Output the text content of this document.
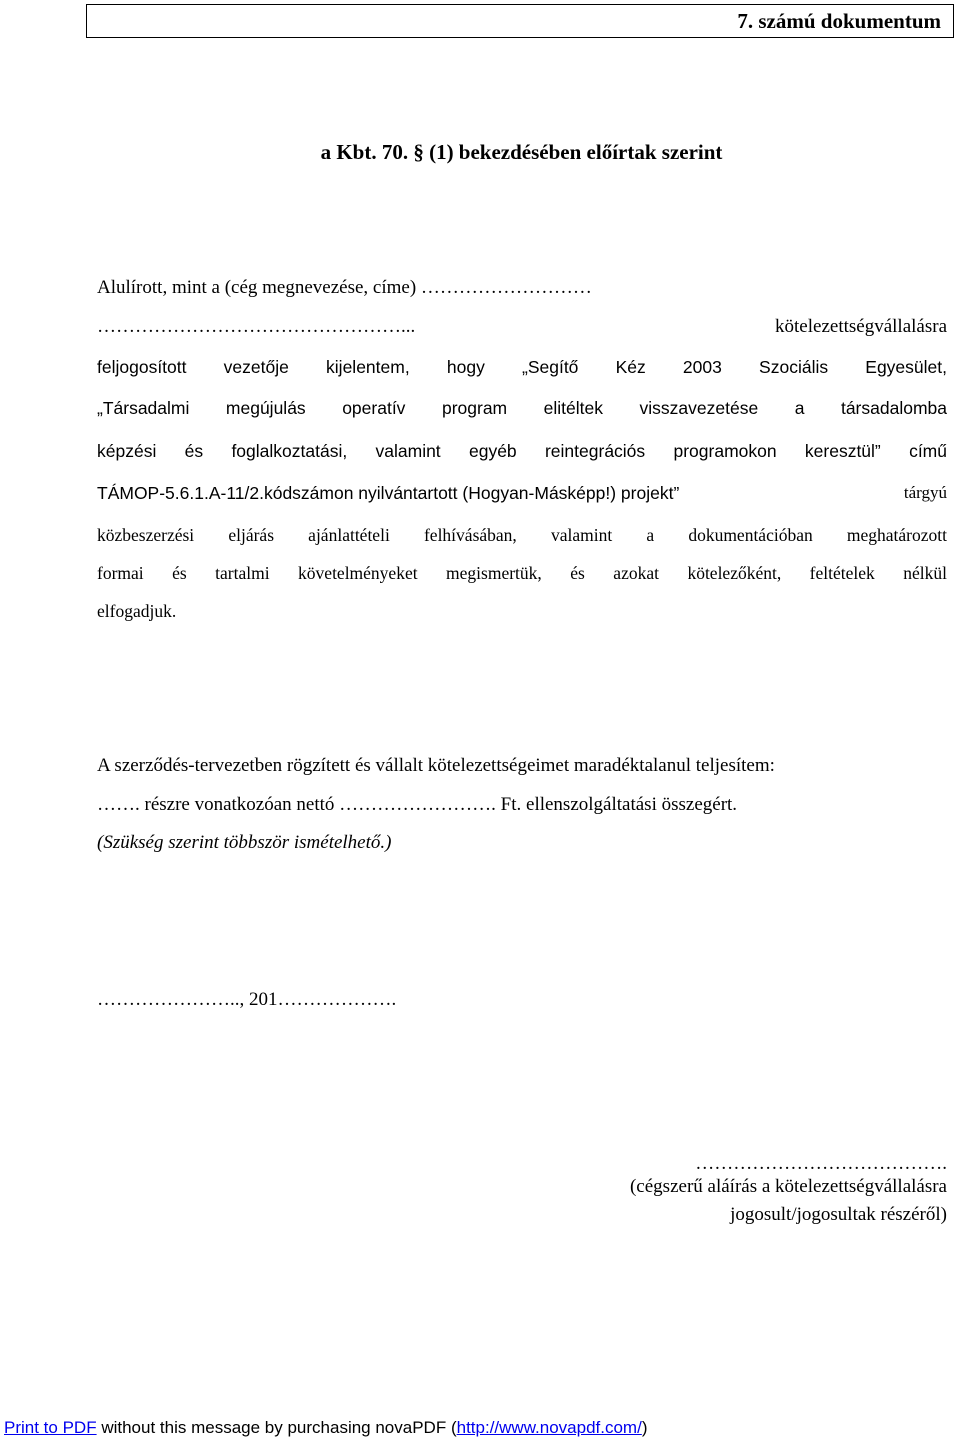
7. számú dokumentum
a Kbt. 70. § (1) bekezdésében előírtak szerint
Alulírott, mint a (cég megnevezése, címe) ………………………
…………………………………………...	kötelezettségvállalásra
feljogosított vezetője kijelentem, hogy „Segítő Kéz 2003 Szociális Egyesület,
„Társadalmi megújulás operatív program elitéltek visszavezetése a társadalomba
képzési és foglalkoztatási, valamint egyéb reintegrációs programokon keresztül” című
TÁMOP-5.6.1.A-11/2.kódszámon nyilvántartott (Hogyan-Másképp!) projekt”	tárgyú
közbeszerzési eljárás ajánlattételi felhívásában, valamint a dokumentációban meghatározott
formai és tartalmi követelményeket megismertük, és azokat kötelezőként, feltételek nélkül
elfogadjuk.
A szerződés-tervezetben rögzített és vállalt kötelezettségeimet maradéktalanul teljesítem:
……. részre vonatkozóan nettó ……………………. Ft. ellenszolgáltatási összegért.
(Szükség szerint többször ismételhető.)
………………….., 201……………….
………………………………….
(cégszerű aláírás a kötelezettségvállalásra
jogosult/jogosultak részéről)
Print to PDF without this message by purchasing novaPDF (http://www.novapdf.com/)
